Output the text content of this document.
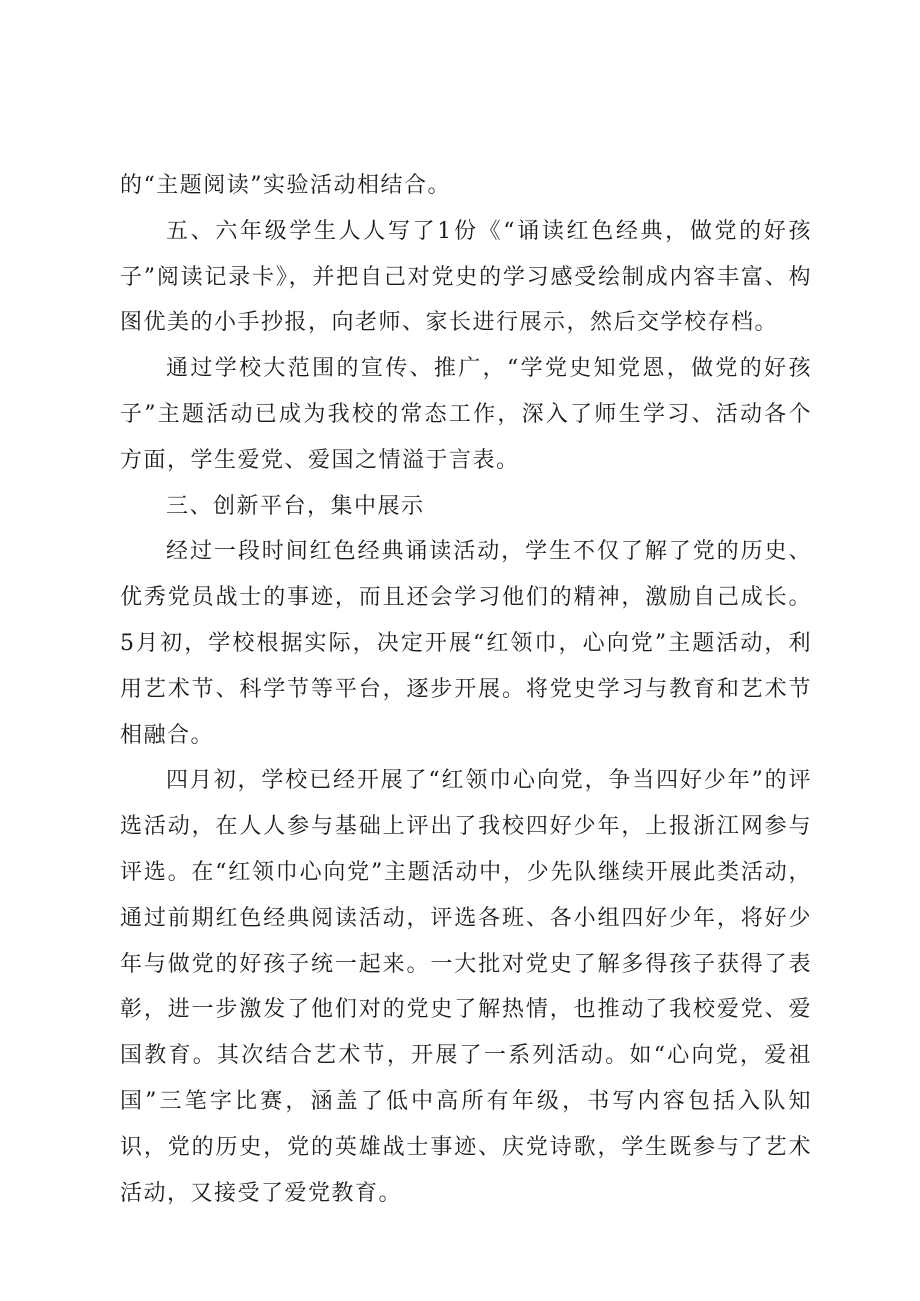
的“主题阅读”实验活动相结合。

五、六年级学生人人写了1份《“诵读红色经典，做党的好孩子”阅读记录卡》，并把自己对党史的学习感受绘制成内容丰富、构图优美的小手抄报，向老师、家长进行展示，然后交学校存档。

通过学校大范围的宣传、推广，“学党史知党恩，做党的好孩子”主题活动已成为我校的常态工作，深入了师生学习、活动各个方面，学生爱党、爱国之情溢于言表。

三、创新平台，集中展示

经过一段时间红色经典诵读活动，学生不仅了解了党的历史、优秀党员战士的事迹，而且还会学习他们的精神，激励自己成长。5月初，学校根据实际，决定开展“红领巾，心向党”主题活动，利用艺术节、科学节等平台，逐步开展。将党史学习与教育和艺术节相融合。

四月初，学校已经开展了“红领巾心向党，争当四好少年”的评选活动，在人人参与基础上评出了我校四好少年，上报浙江网参与评选。在“红领巾心向党”主题活动中，少先队继续开展此类活动，通过前期红色经典阅读活动，评选各班、各小组四好少年，将好少年与做党的好孩子统一起来。一大批对党史了解多得孩子获得了表彰，进一步激发了他们对的党史了解热情，也推动了我校爱党、爱国教育。其次结合艺术节，开展了一系列活动。如“心向党，爱祖国”三笔字比赛，涵盖了低中高所有年级，书写内容包括入队知识，党的历史，党的英雄战士事迹、庆党诗歌，学生既参与了艺术活动，又接受了爱党教育。
